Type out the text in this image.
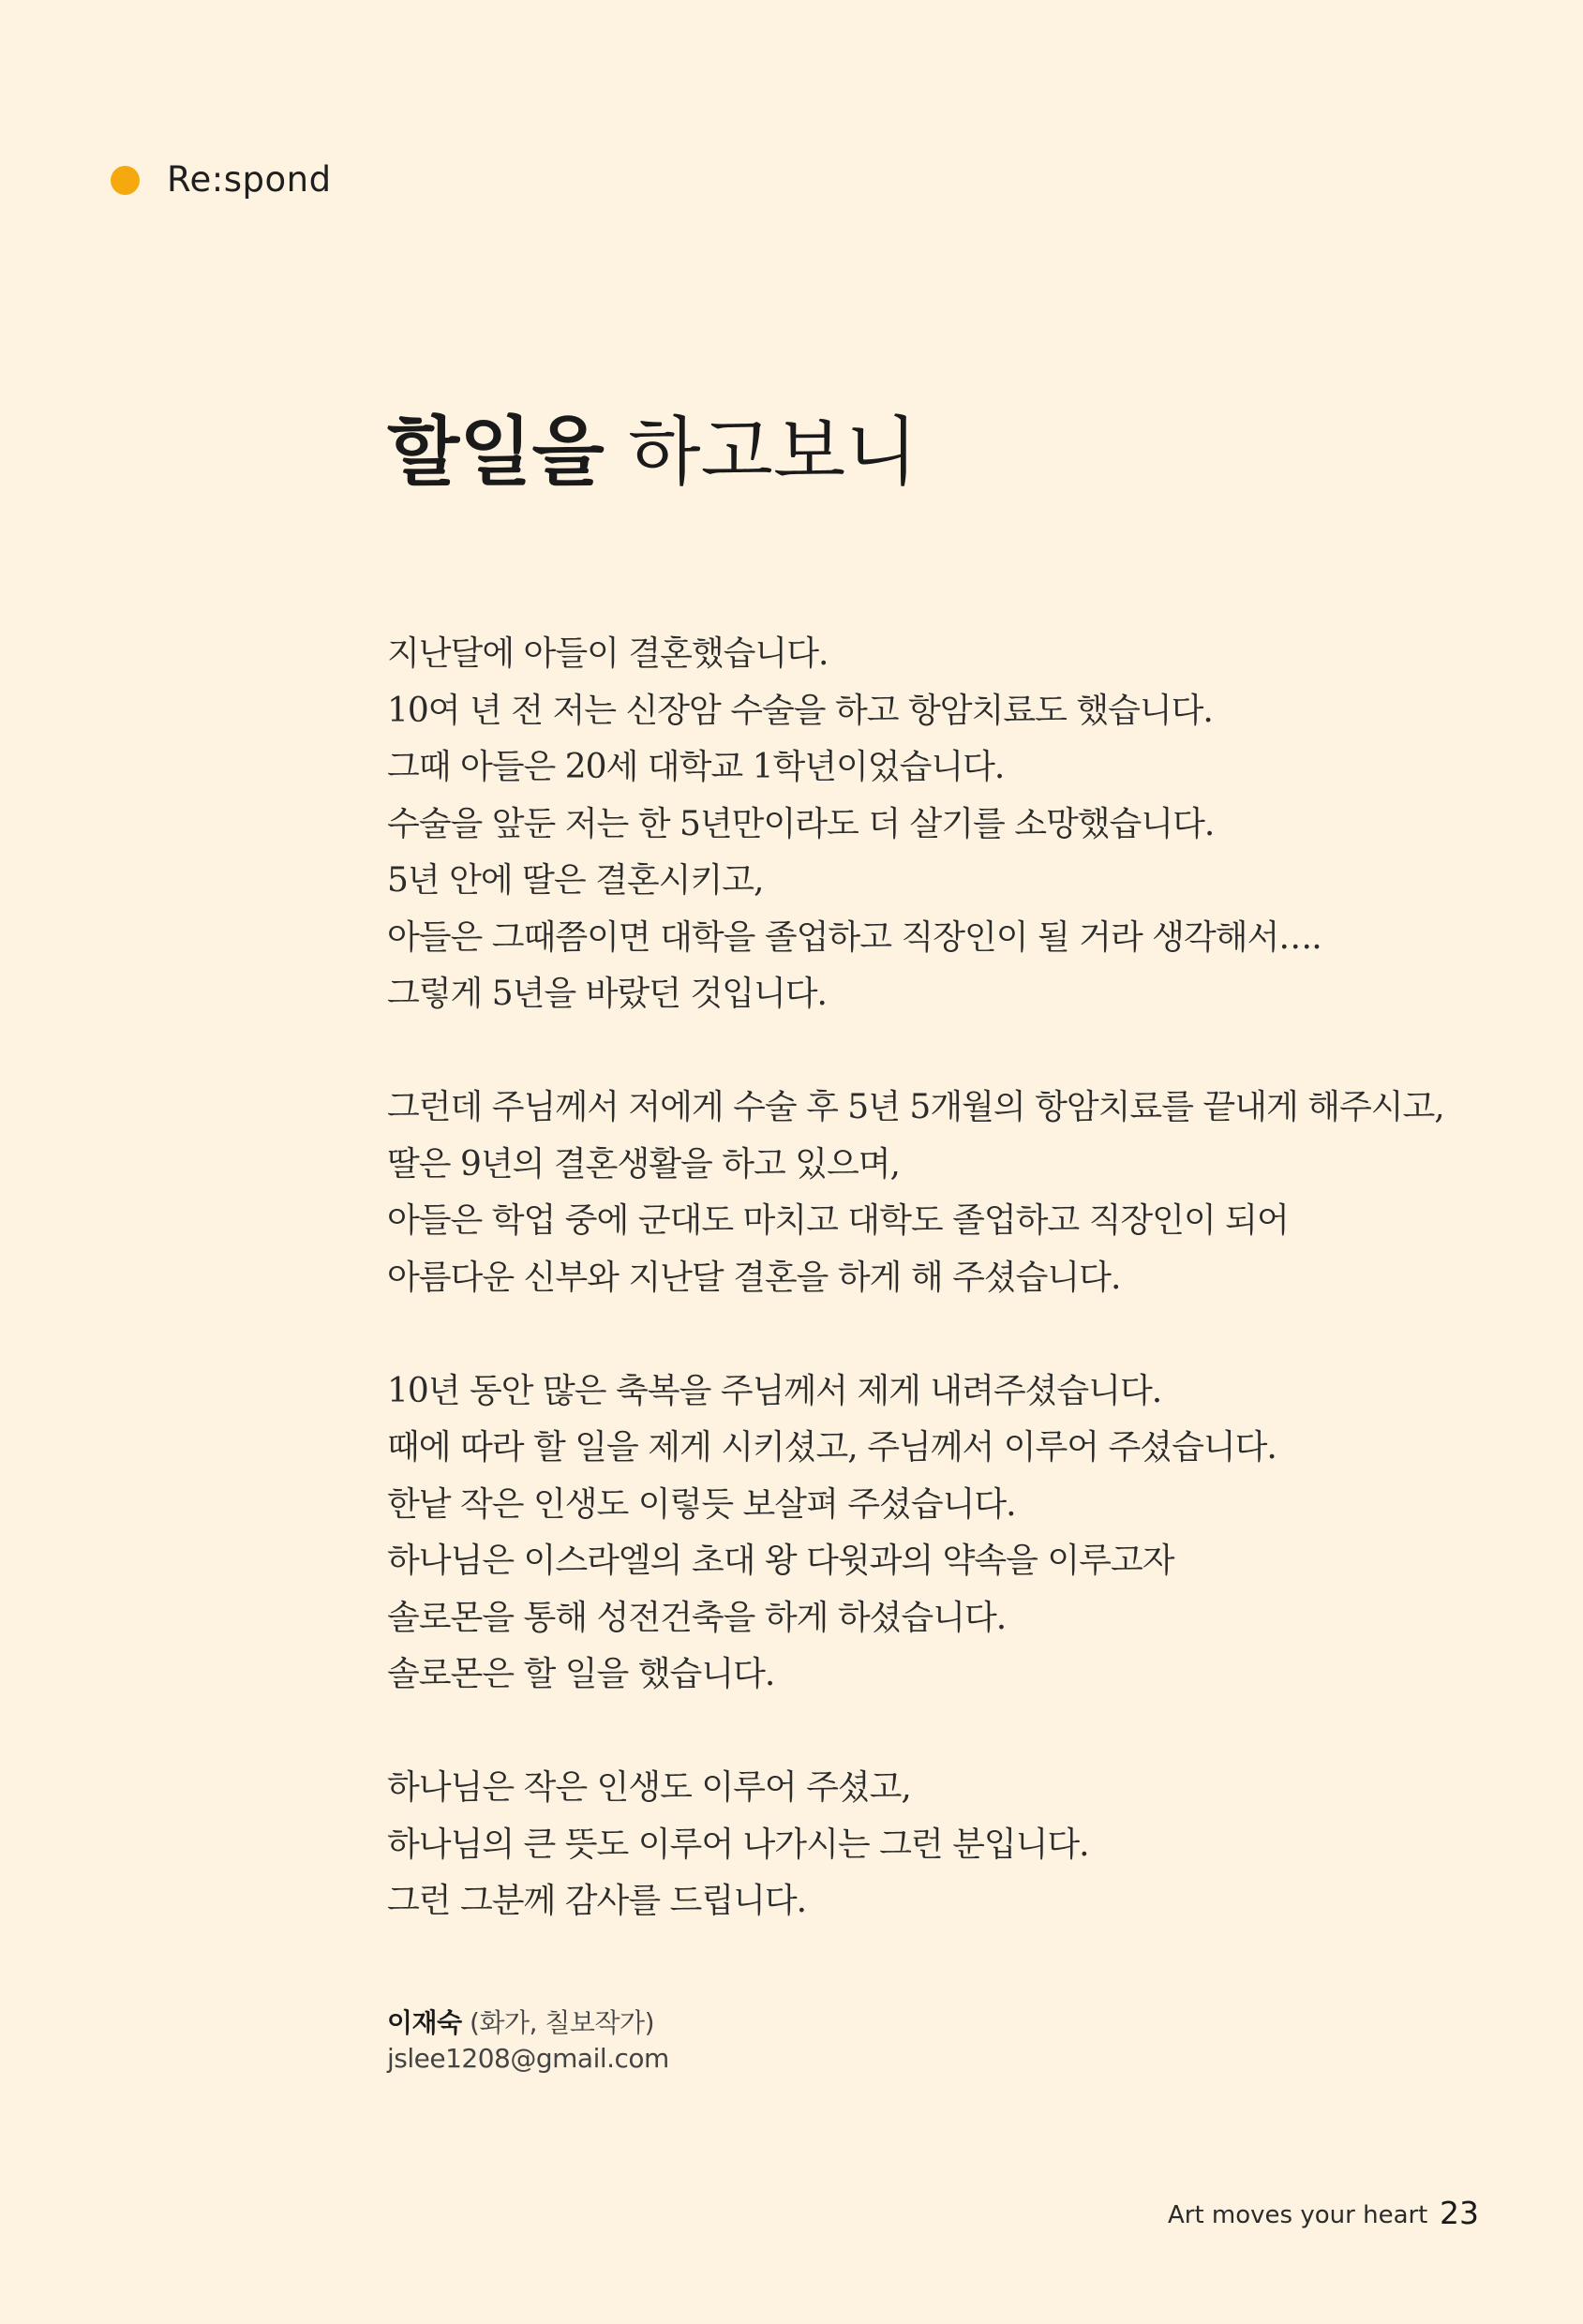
Re:spond
할일을 하고보니

지난달에 아들이 결혼했습니다.
10여 년 전 저는 신장암 수술을 하고 항암치료도 했습니다.
그때 아들은 20세 대학교 1학년이었습니다.
수술을 앞둔 저는 한 5년만이라도 더 살기를 소망했습니다.
5년 안에 딸은 결혼시키고,
아들은 그때쯤이면 대학을 졸업하고 직장인이 될 거라 생각해서….
그렇게 5년을 바랐던 것입니다.

그런데 주님께서 저에게 수술 후 5년 5개월의 항암치료를 끝내게 해주시고,
딸은 9년의 결혼생활을 하고 있으며,
아들은 학업 중에 군대도 마치고 대학도 졸업하고 직장인이 되어
아름다운 신부와 지난달 결혼을 하게 해 주셨습니다.

10년 동안 많은 축복을 주님께서 제게 내려주셨습니다.
때에 따라 할 일을 제게 시키셨고, 주님께서 이루어 주셨습니다.
한낱 작은 인생도 이렇듯 보살펴 주셨습니다.
하나님은 이스라엘의 초대 왕 다윗과의 약속을 이루고자
솔로몬을 통해 성전건축을 하게 하셨습니다.
솔로몬은 할 일을 했습니다.

하나님은 작은 인생도 이루어 주셨고,
하나님의 큰 뜻도 이루어 나가시는 그런 분입니다.
그런 그분께 감사를 드립니다.

이재숙 (화가, 칠보작가)
jslee1208@gmail.com
Art moves your heart 23
